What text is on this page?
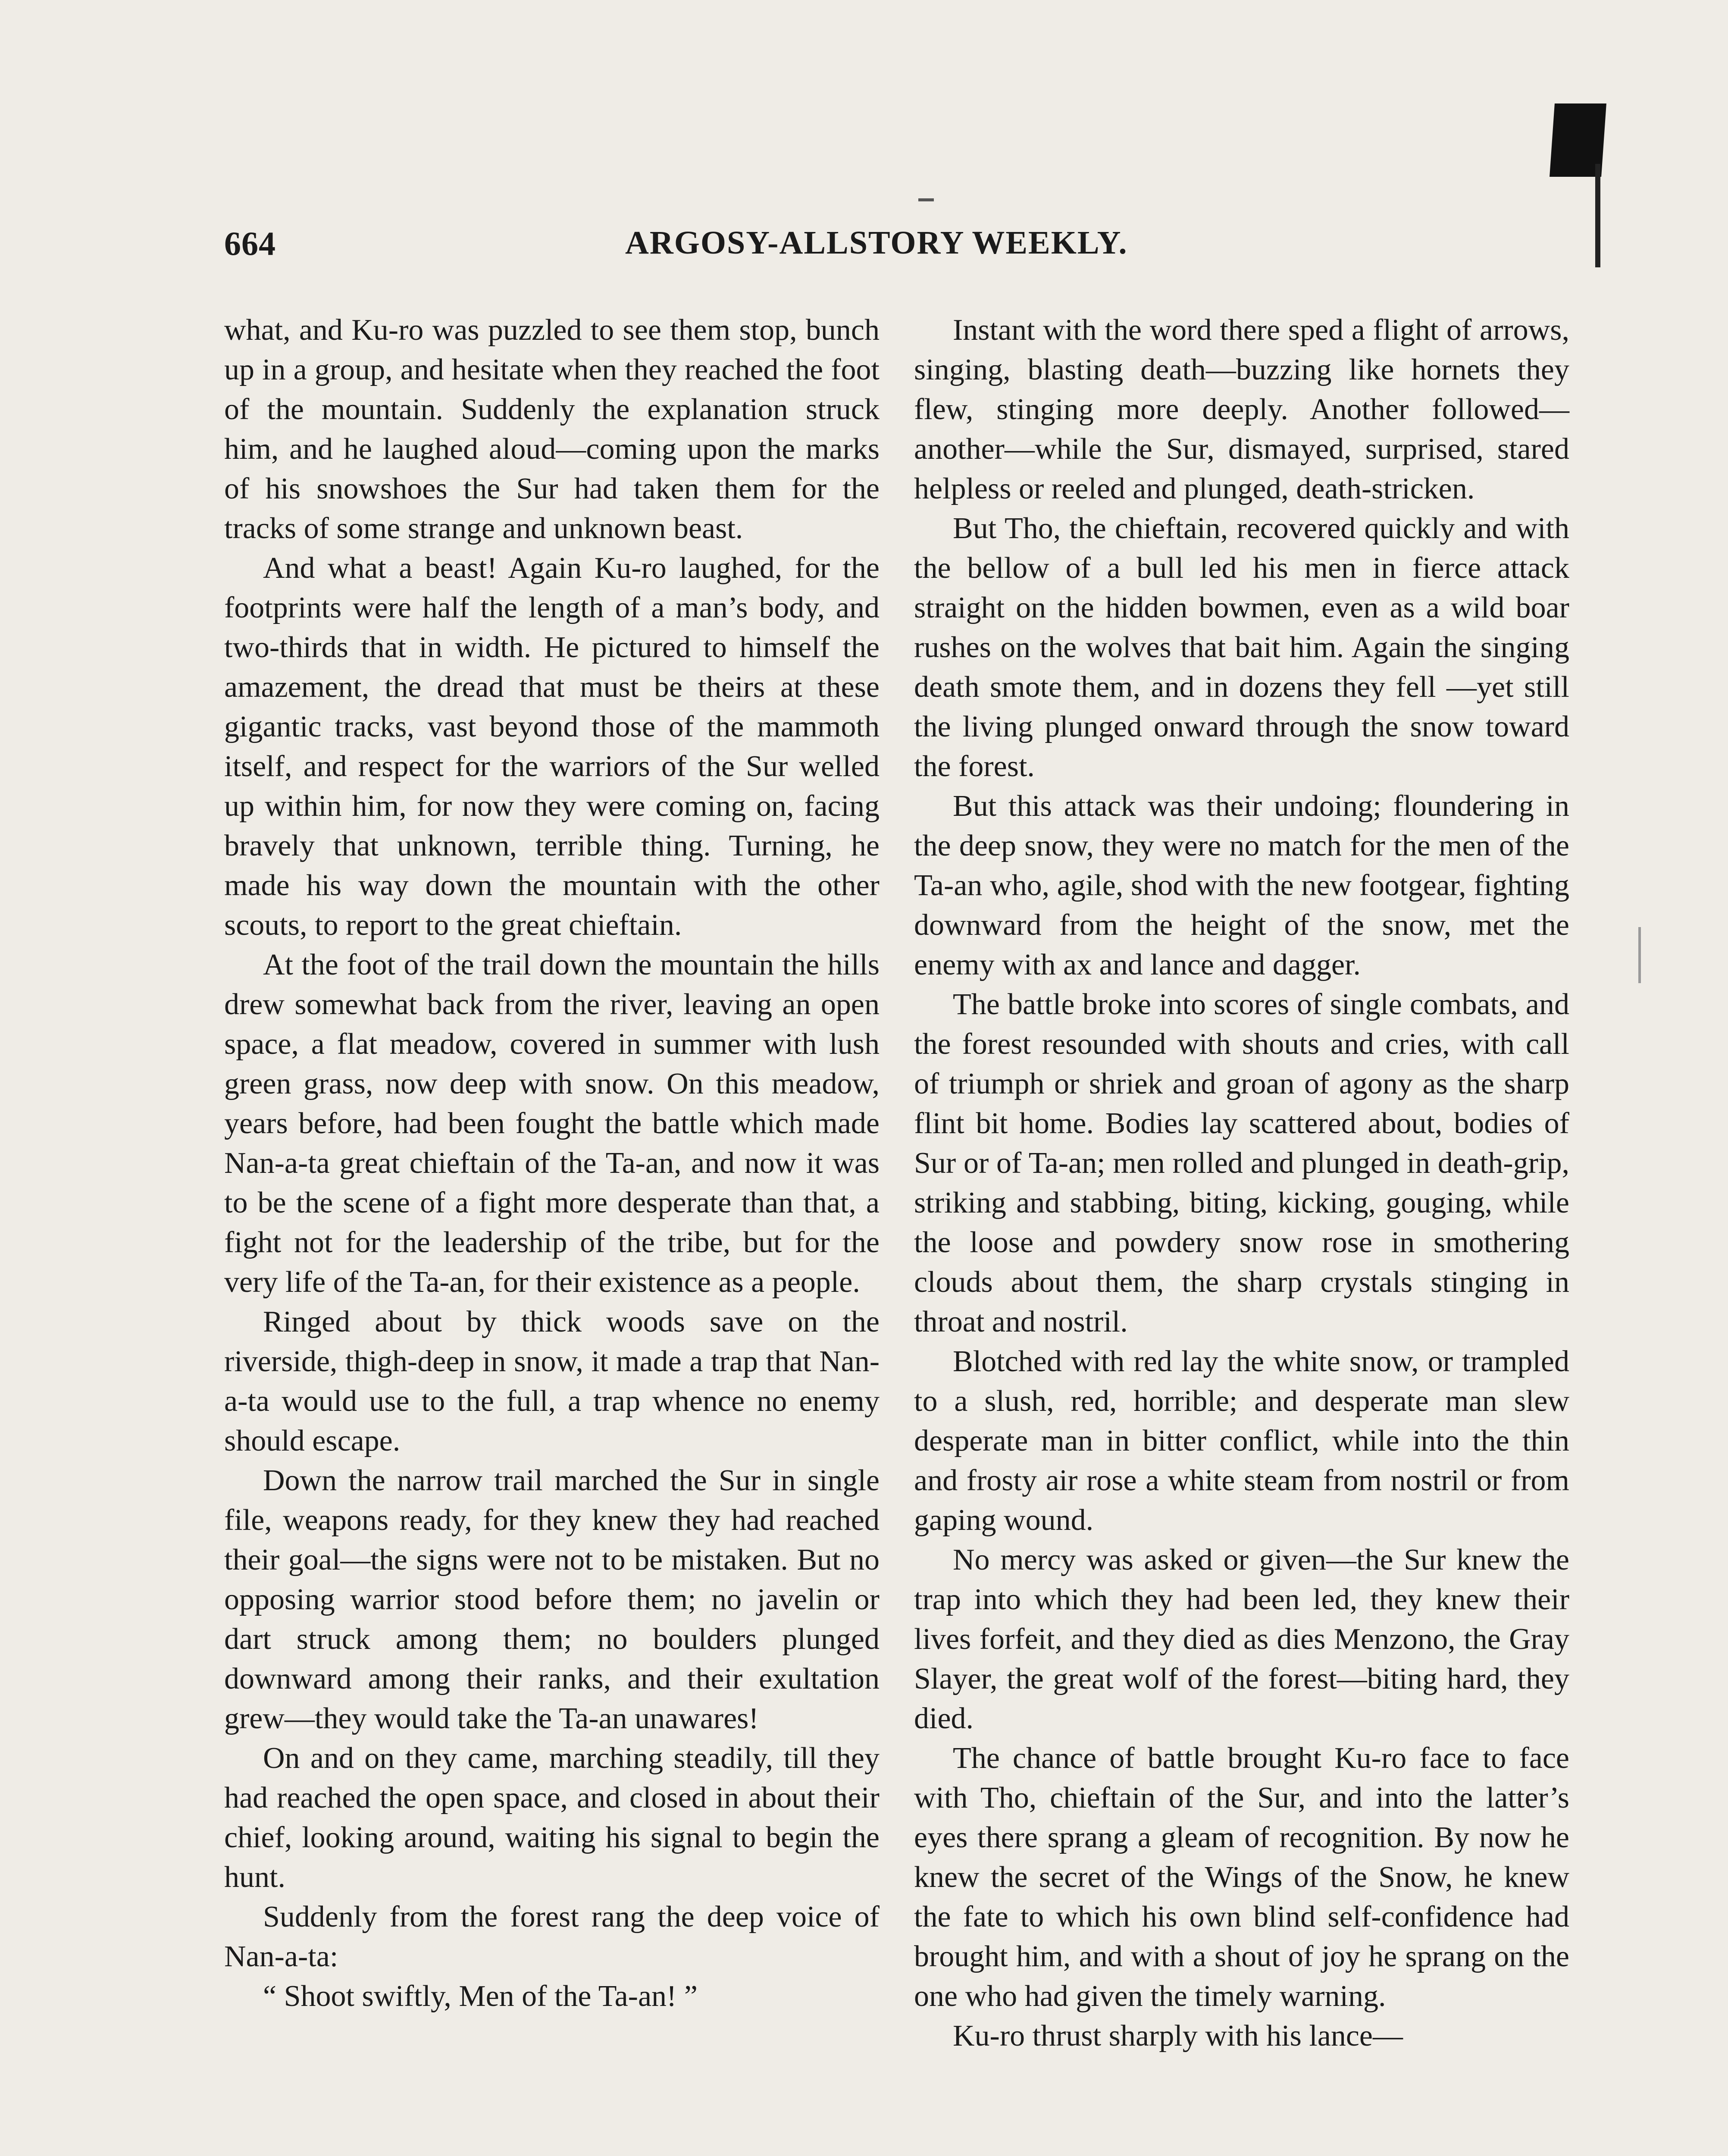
664	ARGOSY-ALLSTORY WEEKLY.

what, and Ku-ro was puzzled to see them stop, bunch up in a group, and hesitate when they reached the foot of the mountain. Suddenly the explanation struck him, and he laughed aloud—coming upon the marks of his snowshoes the Sur had taken them for the tracks of some strange and unknown beast.

And what a beast! Again Ku-ro laughed, for the footprints were half the length of a man’s body, and two-thirds that in width. He pictured to himself the amazement, the dread that must be theirs at these gigantic tracks, vast beyond those of the mammoth itself, and respect for the warriors of the Sur welled up within him, for now they were coming on, facing bravely that unknown, terrible thing. Turning, he made his way down the mountain with the other scouts, to report to the great chieftain.

At the foot of the trail down the mountain the hills drew somewhat back from the river, leaving an open space, a flat meadow, covered in summer with lush green grass, now deep with snow. On this meadow, years before, had been fought the battle which made Nan-a-ta great chieftain of the Ta-an, and now it was to be the scene of a fight more desperate than that, a fight not for the leadership of the tribe, but for the very life of the Ta-an, for their existence as a people.

Ringed about by thick woods save on the riverside, thigh-deep in snow, it made a trap that Nan-a-ta would use to the full, a trap whence no enemy should escape.

Down the narrow trail marched the Sur in single file, weapons ready, for they knew they had reached their goal—the signs were not to be mistaken. But no opposing warrior stood before them; no javelin or dart struck among them; no boulders plunged downward among their ranks, and their exultation grew—they would take the Ta-an unawares!

On and on they came, marching steadily, till they had reached the open space, and closed in about their chief, looking around, waiting his signal to begin the hunt.

Suddenly from the forest rang the deep voice of Nan-a-ta:

“ Shoot swiftly, Men of the Ta-an! ”

Instant with the word there sped a flight of arrows, singing, blasting death—buzzing like hornets they flew, stinging more deeply. Another followed—another—while the Sur, dismayed, surprised, stared helpless or reeled and plunged, death-stricken.

But Tho, the chieftain, recovered quickly and with the bellow of a bull led his men in fierce attack straight on the hidden bowmen, even as a wild boar rushes on the wolves that bait him. Again the singing death smote them, and in dozens they fell —yet still the living plunged onward through the snow toward the forest.

But this attack was their undoing; floundering in the deep snow, they were no match for the men of the Ta-an who, agile, shod with the new footgear, fighting downward from the height of the snow, met the enemy with ax and lance and dagger.

The battle broke into scores of single combats, and the forest resounded with shouts and cries, with call of triumph or shriek and groan of agony as the sharp flint bit home. Bodies lay scattered about, bodies of Sur or of Ta-an; men rolled and plunged in death-grip, striking and stabbing, biting, kicking, gouging, while the loose and powdery snow rose in smothering clouds about them, the sharp crystals stinging in throat and nostril.

Blotched with red lay the white snow, or trampled to a slush, red, horrible; and desperate man slew desperate man in bitter conflict, while into the thin and frosty air rose a white steam from nostril or from gaping wound.

No mercy was asked or given—the Sur knew the trap into which they had been led, they knew their lives forfeit, and they died as dies Menzono, the Gray Slayer, the great wolf of the forest—biting hard, they died.

The chance of battle brought Ku-ro face to face with Tho, chieftain of the Sur, and into the latter’s eyes there sprang a gleam of recognition. By now he knew the secret of the Wings of the Snow, he knew the fate to which his own blind self-confidence had brought him, and with a shout of joy he sprang on the one who had given the timely warning.

Ku-ro thrust sharply with his lance—
